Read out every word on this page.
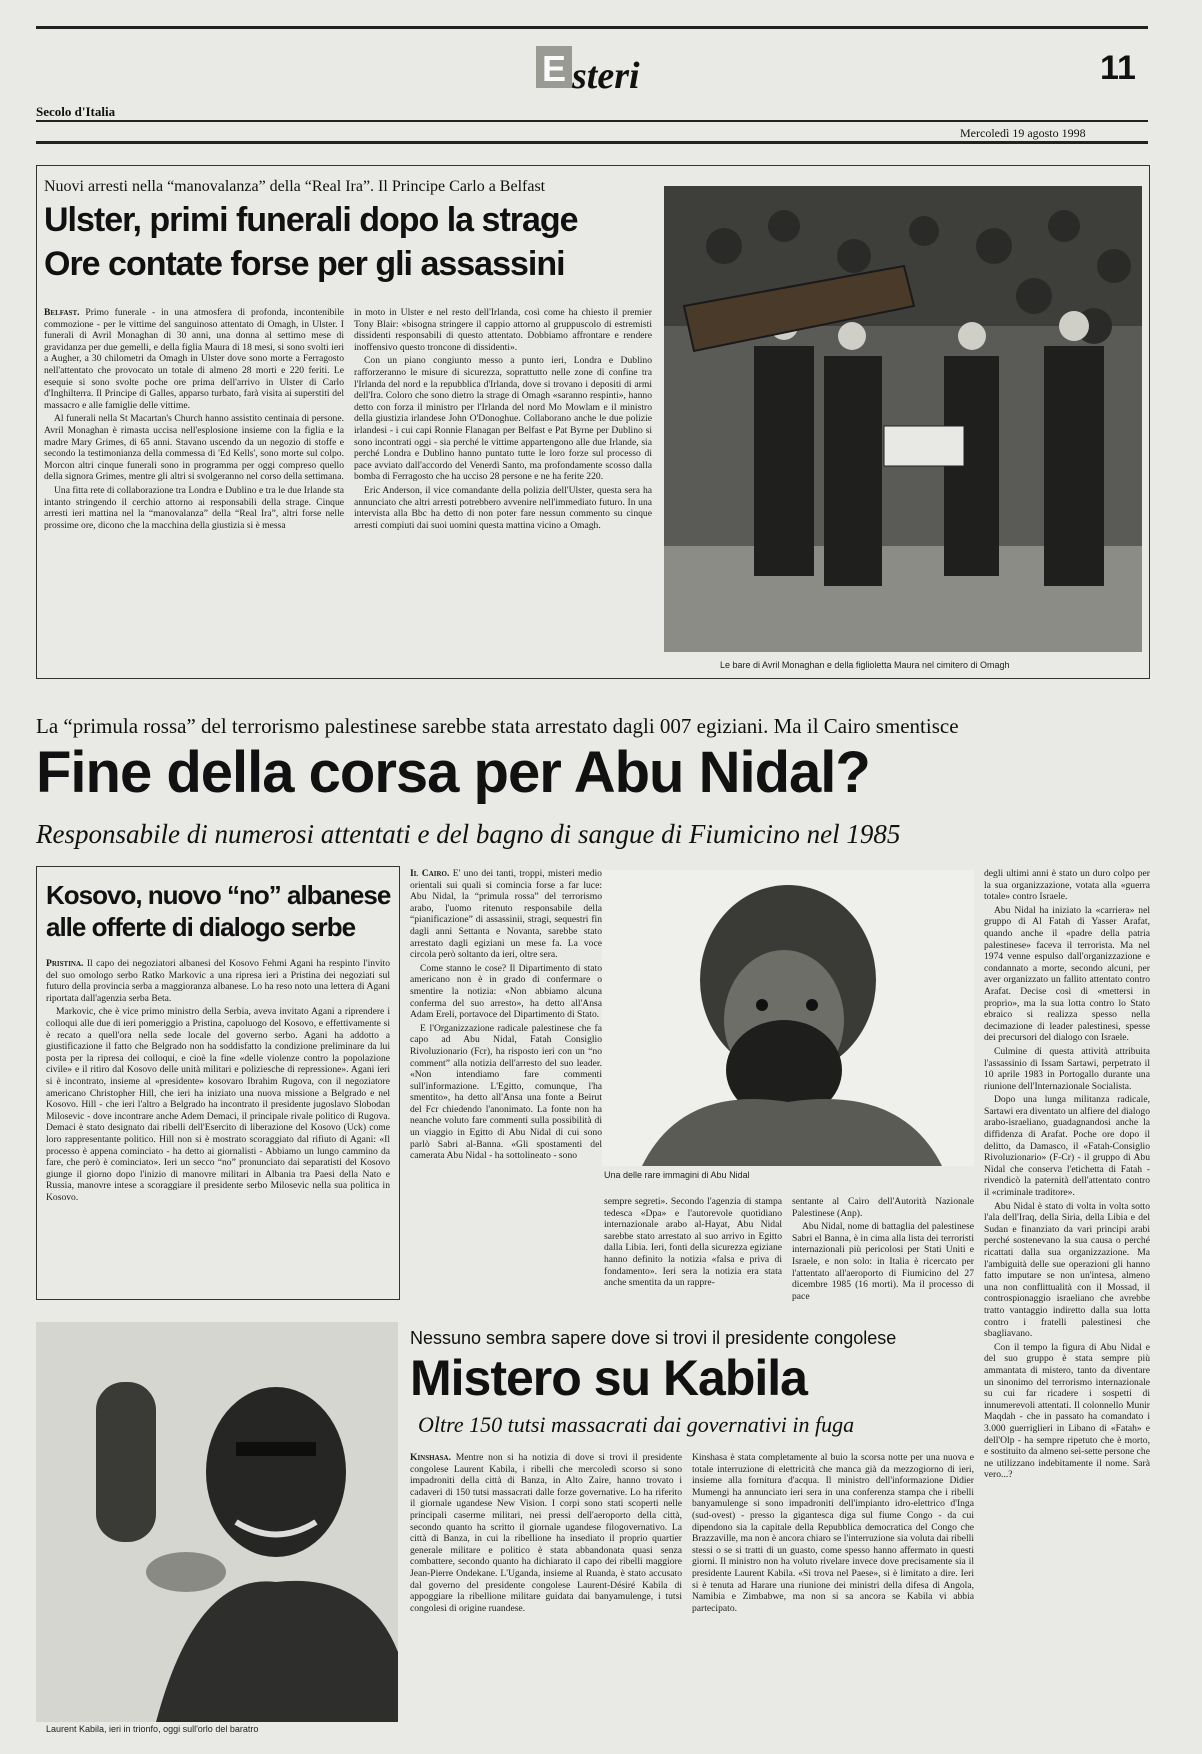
E steri	11
Secolo d'Italia
Mercoledì 19 agosto 1998
Nuovi arresti nella “manovalanza” della “Real Ira”. Il Principe Carlo a Belfast
Ulster, primi funerali dopo la strage
Ore contate forse per gli assassini

Belfast. Primo funerale - in una atmosfera di profonda, incontenibile commozione - per le vittime del sanguinoso attentato di Omagh, in Ulster. I funerali di Avril Monaghan di 30 anni, una donna al settimo mese di gravidanza per due gemelli, e della figlia Maura di 18 mesi, si sono svolti ieri a Augher, a 30 chilometri da Omagh in Ulster dove sono morte a Ferragosto nell'attentato che provocato un totale di almeno 28 morti e 220 feriti. Le esequie si sono svolte poche ore prima dell'arrivo in Ulster di Carlo d'Inghilterra. Il Principe di Galles, apparso turbato, farà visita ai superstiti del massacro e alle famiglie delle vittime.

Al funerali nella St Macartan's Church hanno assistito centinaia di persone. Avril Monaghan è rimasta uccisa nell'esplosione insieme con la figlia e la madre Mary Grimes, di 65 anni. Stavano uscendo da un negozio di stoffe e secondo la testimonianza della commessa di 'Ed Kells', sono morte sul colpo. Morcon altri cinque funerali sono in programma per oggi compreso quello della signora Grimes, mentre gli altri si svolgeranno nel corso della settimana.

Una fitta rete di collaborazione tra Londra e Dublino e tra le due Irlande sta intanto stringendo il cerchio attorno ai responsabili della strage. Cinque arresti ieri mattina nel la “manovalanza” della “Real Ira”, altri forse nelle prossime ore, dicono che la macchina della giustizia si è messa

in moto in Ulster e nel resto dell'Irlanda, così come ha chiesto il premier Tony Blair: «bisogna stringere il cappio attorno al gruppuscolo di estremisti dissidenti responsabili di questo attentato. Dobbiamo affrontare e rendere inoffensivo questo troncone di dissidenti».

Con un piano congiunto messo a punto ieri, Londra e Dublino rafforzeranno le misure di sicurezza, soprattutto nelle zone di confine tra l'Irlanda del nord e la repubblica d'Irlanda, dove si trovano i depositi di armi dell'Ira. Coloro che sono dietro la strage di Omagh «saranno respinti», hanno detto con forza il ministro per l'Irlanda del nord Mo Mowlam e il ministro della giustizia irlandese John O'Donoghue. Collaborano anche le due polizie irlandesi - i cui capi Ronnie Flanagan per Belfast e Pat Byrne per Dublino si sono incontrati oggi - sia perché le vittime appartengono alle due Irlande, sia perché Londra e Dublino hanno puntato tutte le loro forze sul processo di pace avviato dall'accordo del Venerdì Santo, ma profondamente scosso dalla bomba di Ferragosto che ha ucciso 28 persone e ne ha ferite 220.

Eric Anderson, il vice comandante della polizia dell'Ulster, questa sera ha annunciato che altri arresti potrebbero avvenire nell'immediato futuro. In una intervista alla Bbc ha detto di non poter fare nessun commento su cinque arresti compiuti dai suoi uomini questa mattina vicino a Omagh.

Le bare di Avril Monaghan e della figlioletta Maura nel cimitero di Omagh
La “primula rossa” del terrorismo palestinese sarebbe stata arrestato dagli 007 egiziani. Ma il Cairo smentisce
Fine della corsa per Abu Nidal?
Responsabile di numerosi attentati e del bagno di sangue di Fiumicino nel 1985

Il Cairo. E' uno dei tanti, troppi, misteri medio orientali sui quali si comincia forse a far luce: Abu Nidal, la “primula rossa” del terrorismo arabo, l'uomo ritenuto responsabile della “pianificazione” di assassinii, stragi, sequestri fin dagli anni Settanta e Novanta, sarebbe stato arrestato dagli egiziani un mese fa. La voce circola però soltanto da ieri, oltre sera.

Come stanno le cose? Il Dipartimento di stato americano non è in grado di confermare o smentire la notizia: «Non abbiamo alcuna conferma del suo arresto», ha detto all'Ansa Adam Ereli, portavoce del Dipartimento di Stato.

E l'Organizzazione radicale palestinese che fa capo ad Abu Nidal, Fatah Consiglio Rivoluzionario (Fcr), ha risposto ieri con un “no comment” alla notizia dell'arresto del suo leader. «Non intendiamo fare commenti sull'informazione. L'Egitto, comunque, l'ha smentito», ha detto all'Ansa una fonte a Beirut del Fcr chiedendo l'anonimato. La fonte non ha neanche voluto fare commenti sulla possibilità di un viaggio in Egitto di Abu Nidal di cui sono parlò Sabri al-Banna. «Gli spostamenti del camerata Abu Nidal - ha sottolineato - sono

Una delle rare immagini di Abu Nidal

sempre segreti». Secondo l'agenzia di stampa tedesca «Dpa» e l'autorevole quotidiano internazionale arabo al-Hayat, Abu Nidal sarebbe stato arrestato al suo arrivo in Egitto dalla Libia. Ieri, fonti della sicurezza egiziane hanno definito la notizia «falsa e priva di fondamento». Ieri sera la notizia era stata anche smentita da un rappre-

sentante al Cairo dell'Autorità Nazionale Palestinese (Anp).

Abu Nidal, nome di battaglia del palestinese Sabri el Banna, è in cima alla lista dei terroristi internazionali più pericolosi per Stati Uniti e Israele, e non solo: in Italia è ricercato per l'attentato all'aeroporto di Fiumicino del 27 dicembre 1985 (16 morti). Ma il processo di pace

degli ultimi anni è stato un duro colpo per la sua organizzazione, votata alla «guerra totale» contro Israele.

Abu Nidal ha iniziato la «carriera» nel gruppo di Al Fatah di Yasser Arafat, quando anche il «padre della patria palestinese» faceva il terrorista. Ma nel 1974 venne espulso dall'organizzazione e condannato a morte, secondo alcuni, per aver organizzato un fallito attentato contro Arafat. Decise così di «mettersi in proprio», ma la sua lotta contro lo Stato ebraico si realizza spesso nella decimazione di leader palestinesi, spesse dei precursori del dialogo con Israele.

Culmine di questa attività attribuita l'assassinio di Issam Sartawi, perpetrato il 10 aprile 1983 in Portogallo durante una riunione dell'Internazionale Socialista.

Dopo una lunga militanza radicale, Sartawi era diventato un alfiere del dialogo arabo-israeliano, guadagnandosi anche la diffidenza di Arafat. Poche ore dopo il delitto, da Damasco, il «Fatah-Consiglio Rivoluzionario» (F-Cr) - il gruppo di Abu Nidal che conserva l'etichetta di Fatah - rivendicò la paternità dell'attentato contro il «criminale traditore».

Abu Nidal è stato di volta in volta sotto l'ala dell'Iraq, della Siria, della Libia e del Sudan e finanziato da vari principi arabi perché sostenevano la sua causa o perché ricattati dalla sua organizzazione. Ma l'ambiguità delle sue operazioni gli hanno fatto imputare se non un'intesa, almeno una non conflittualità con il Mossad, il controspionaggio israeliano che avrebbe tratto vantaggio indiretto dalla sua lotta contro i fratelli palestinesi che sbagliavano.

Con il tempo la figura di Abu Nidal e del suo gruppo è stata sempre più ammantata di mistero, tanto da diventare un sinonimo del terrorismo internazionale su cui far ricadere i sospetti di innumerevoli attentati. Il colonnello Munir Maqdah - che in passato ha comandato i 3.000 guerriglieri in Libano di «Fatah» e dell'Olp - ha sempre ripetuto che è morto, e sostituito da almeno sei-sette persone che ne utilizzano indebitamente il nome. Sarà vero...?

Kosovo, nuovo “no” albanese
alle offerte di dialogo serbe

Pristina. Il capo dei negoziatori albanesi del Kosovo Fehmi Agani ha respinto l'invito del suo omologo serbo Ratko Markovic a una ripresa ieri a Pristina dei negoziati sul futuro della provincia serba a maggioranza albanese. Lo ha reso noto una lettera di Agani riportata dall'agenzia serba Beta.

Markovic, che è vice primo ministro della Serbia, aveva invitato Agani a riprendere i colloqui alle due di ieri pomeriggio a Pristina, capoluogo del Kosovo, e effettivamente si è recato a quell'ora nella sede locale del governo serbo. Agani ha addotto a giustificazione il fatto che Belgrado non ha soddisfatto la condizione preliminare da lui posta per la ripresa dei colloqui, e cioè la fine «delle violenze contro la popolazione civile» e il ritiro dal Kosovo delle unità militari e poliziesche di repressione». Agani ieri si è incontrato, insieme al «presidente» kosovaro Ibrahim Rugova, con il negoziatore americano Christopher Hill, che ieri ha iniziato una nuova missione a Belgrado e nel Kosovo. Hill - che ieri l'altro a Belgrado ha incontrato il presidente jugoslavo Slobodan Milosevic - dove incontrare anche Adem Demaci, il principale rivale politico di Rugova. Demaci è stato designato dai ribelli dell'Esercito di liberazione del Kosovo (Uck) come loro rappresentante politico. Hill non si è mostrato scoraggiato dal rifiuto di Agani: «Il processo è appena cominciato - ha detto ai giornalisti - Abbiamo un lungo cammino da fare, che però è cominciato». Ieri un secco “no” pronunciato dai separatisti del Kosovo giunge il giorno dopo l'inizio di manovre militari in Albania tra Paesi della Nato e Russia, manovre intese a scoraggiare il presidente serbo Milosevic nella sua politica in Kosovo.

Laurent Kabila, ieri in trionfo, oggi sull'orlo del baratro
Nessuno sembra sapere dove si trovi il presidente congolese
Mistero su Kabila
Oltre 150 tutsi massacrati dai governativi in fuga

Kinshasa. Mentre non si ha notizia di dove si trovi il presidente congolese Laurent Kabila, i ribelli che mercoledì scorso si sono impadroniti della città di Banza, in Alto Zaire, hanno trovato i cadaveri di 150 tutsi massacrati dalle forze governative. Lo ha riferito il giornale ugandese New Vision. I corpi sono stati scoperti nelle principali caserme militari, nei pressi dell'aeroporto della città, secondo quanto ha scritto il giornale ugandese filogovernativo. La città di Banza, in cui la ribellione ha insediato il proprio quartier generale militare e politico è stata abbandonata quasi senza combattere, secondo quanto ha dichiarato il capo dei ribelli maggiore Jean-Pierre Ondekane. L'Uganda, insieme al Ruanda, è stato accusato dal governo del presidente congolese Laurent-Désiré Kabila di appoggiare la ribellione militare guidata dai banyamulenge, i tutsi congolesi di origine ruandese.

Kinshasa è stata completamente al buio la scorsa notte per una nuova e totale interruzione di elettricità che manca già da mezzogiorno di ieri, insieme alla fornitura d'acqua. Il ministro dell'informazione Didier Mumengi ha annunciato ieri sera in una conferenza stampa che i ribelli banyamulenge si sono impadroniti dell'impianto idro-elettrico d'Inga (sud-ovest) - presso la gigantesca diga sul fiume Congo - da cui dipendono sia la capitale della Repubblica democratica del Congo che Brazzaville, ma non è ancora chiaro se l'interruzione sia voluta dai ribelli stessi o se si tratti di un guasto, come spesso hanno affermato in questi giorni. Il ministro non ha voluto rivelare invece dove precisamente sia il presidente Laurent Kabila. «Si trova nel Paese», si è limitato a dire. Ieri si è tenuta ad Harare una riunione dei ministri della difesa di Angola, Namibia e Zimbabwe, ma non si sa ancora se Kabila vi abbia partecipato.
